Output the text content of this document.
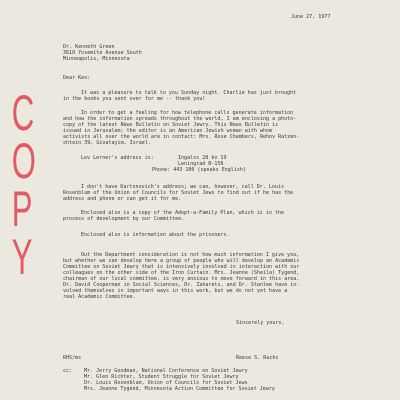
C
O
P
Y
June 27, 1977
Dr. Kenneth Green
3610 Yosemite Avenue South
Minneapolis, Minnesota
Dear Ken:
It was a pleasure to talk to you Sunday night. Charlie has just brought
in the books you sent over for me -- thank you!
In order to get a feeling for how telephone calls generate information
and how the information spreads throughout the world, I am enclosing a photo-
copy of the latest News Bulletin on Soviet Jewry. This News Bulletin is
issued in Jerusalem; the editor is an American Jewish woman with whom
activists all over the world are in contact: Mrs. Rose Chambers, Rehov Ratzen-
shtein 39, Givatayim, Israel.
Lev Lerner's address is:	Ingalss 28 kv 19
Leningrad B-158
Phone: 443 100 (speaks English)
I don't have Kartonovich's address; we can, however, call Dr. Louis
Rosenblum of the Union of Councils for Soviet Jews to find out if he has the
address and phone or can get it for me.
Enclosed also is a copy of the Adopt-a-Family Plan, which is in the
process of development by our Committee.
Enclosed also is information about the prisoners.
Out the Department consideration is not how much information I give you,
but whether we can develop here a group of people who will develop an Academic
Committee on Soviet Jewry that is intensively involved in interaction with our
colleagues on the other side of the Iron Curtain. Mrs. Jeanne (Sheila) Tygend,
chairman of our local committee, is very anxious to move forward in this area.
Dr. David Cooperman in Social Sciences, Dr. Zaharets, and Dr. Stanlee have in-
volved themselves in important ways in this work, but we do not yet have a
real Academic Committee.
Sincerely yours,
RHS/ms	Reese S. Rachs
cc: Mr. Jerry Goodman, National Conference on Soviet Jewry
Mr. Glen Richter, Student Struggle for Soviet Jewry
Dr. Louis Rosenblum, Union of Councils for Soviet Jews
Mrs. Jeanne Tygend, Minnesota Action Committee for Soviet Jewry
